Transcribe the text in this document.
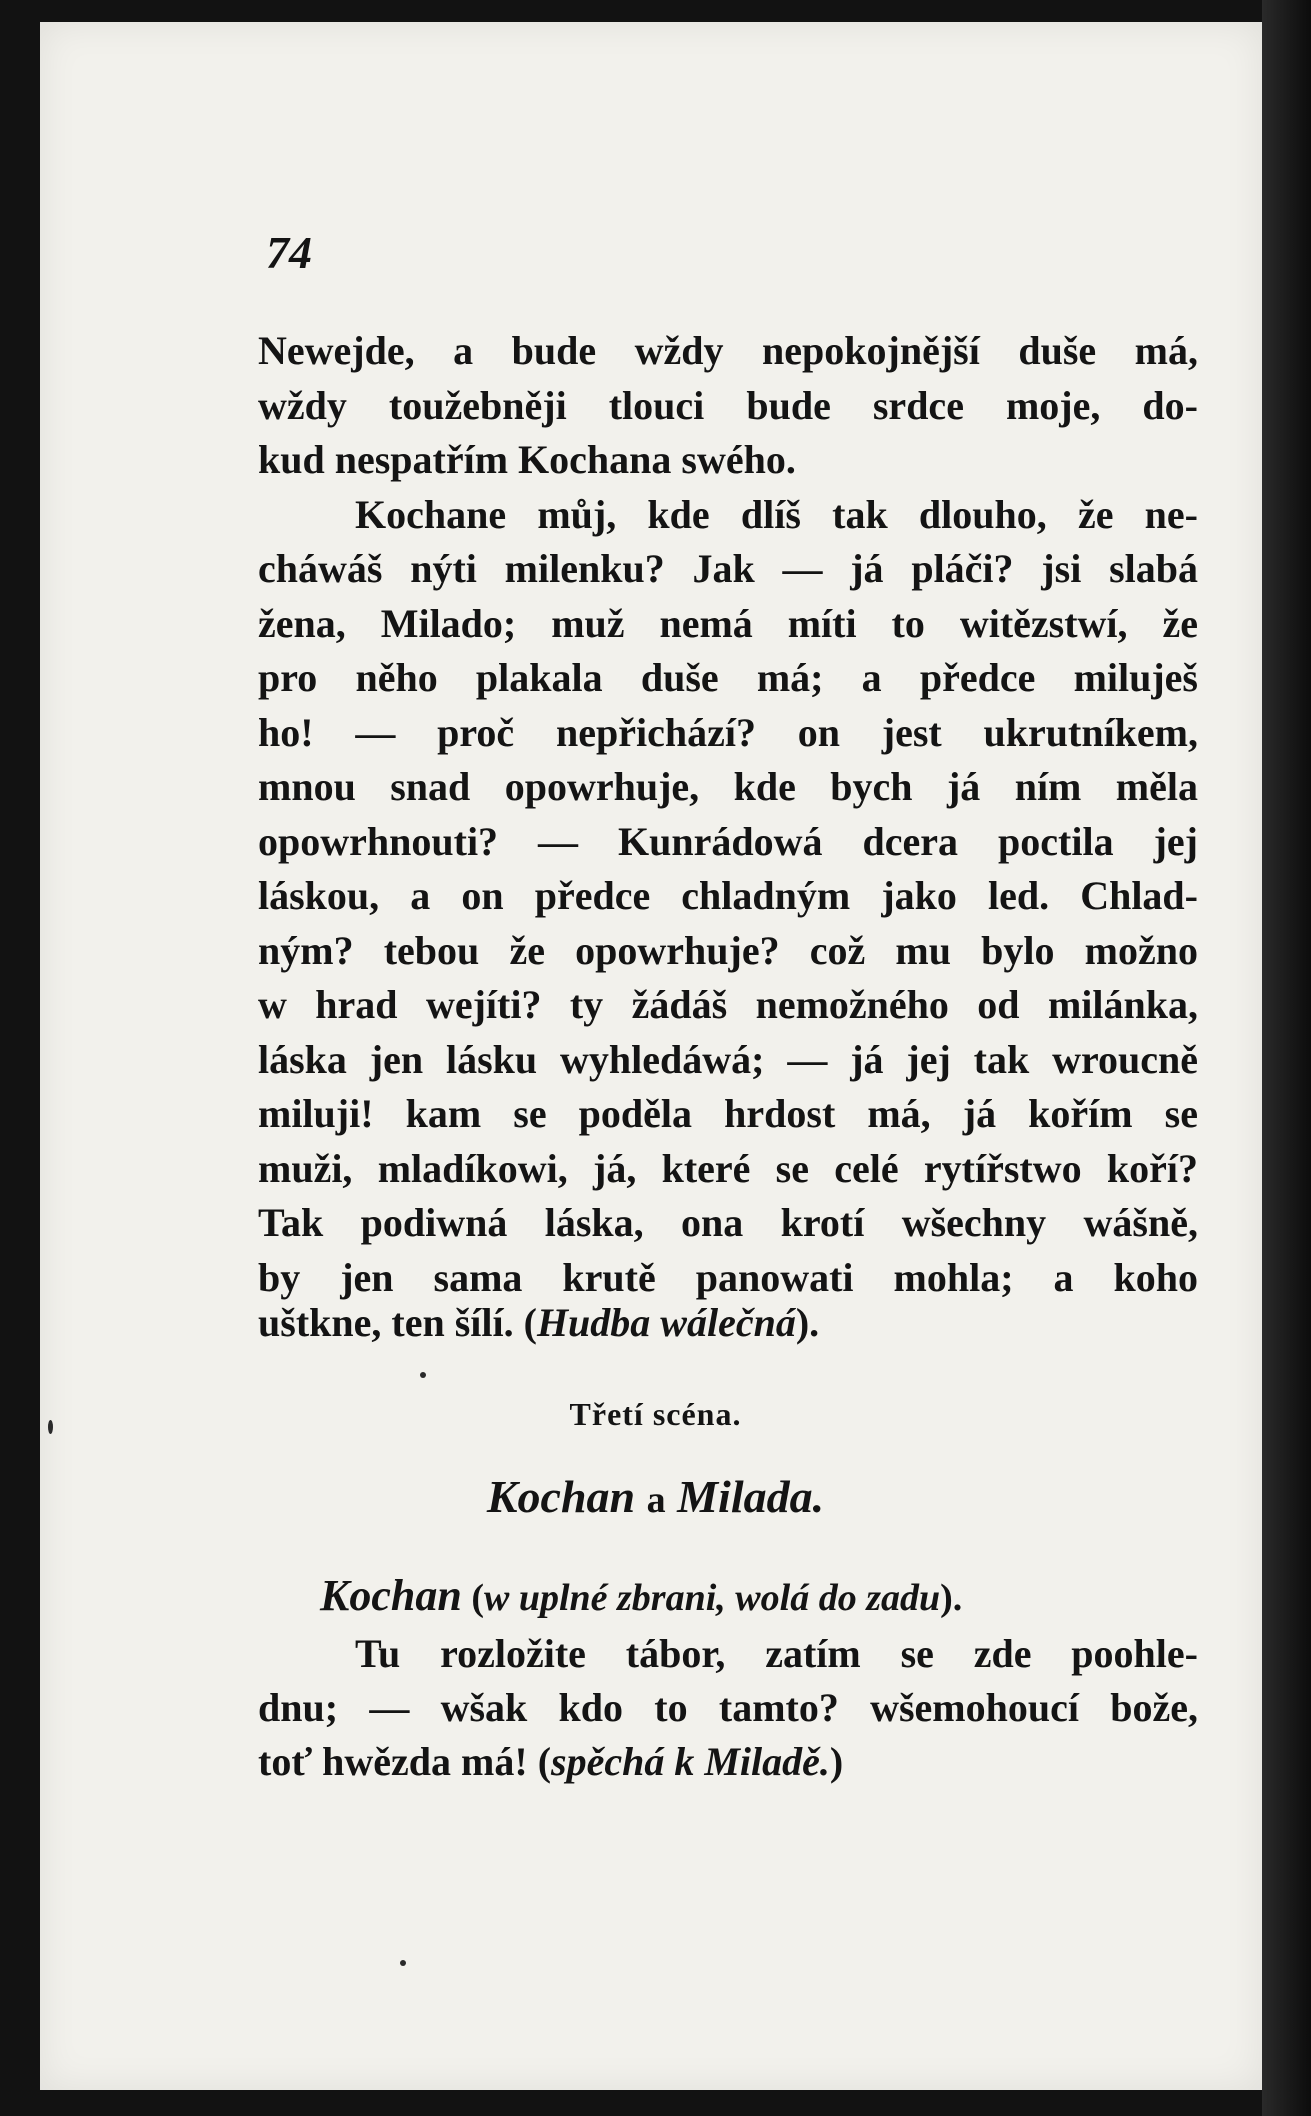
74
Newejde, a bude wždy nepokojnější duše má,
wždy toužebněji tlouci bude srdce moje, do-
kud nespatřím Kochana swého.
Kochane můj, kde dlíš tak dlouho, že ne-
cháwáš nýti milenku? Jak — já pláči? jsi slabá
žena, Milado; muž nemá míti to witězstwí, že
pro něho plakala duše má; a předce miluješ
ho! — proč nepřichází? on jest ukrutníkem,
mnou snad opowrhuje, kde bych já ním měla
opowrhnouti? — Kunrádowá dcera poctila jej
láskou, a on předce chladným jako led. Chlad-
ným? tebou že opowrhuje? což mu bylo možno
w hrad wejíti? ty žádáš nemožného od milánka,
láska jen lásku wyhledáwá; — já jej tak wroucně
miluji! kam se poděla hrdost má, já kořím se
muži, mladíkowi, já, které se celé rytířstwo koří?
Tak podiwná láska, ona krotí wšechny wášně,
by jen sama krutě panowati mohla; a koho
uštkne, ten šílí. (Hudba wálečná).
Třetí scéna.
Kochan a Milada.
Kochan (w uplné zbrani, wolá do zadu).
Tu rozložite tábor, zatím se zde poohle-
dnu; — wšak kdo to tamto? wšemohoucí bože,
toť hwězda má! (spěchá k Miladě.)
